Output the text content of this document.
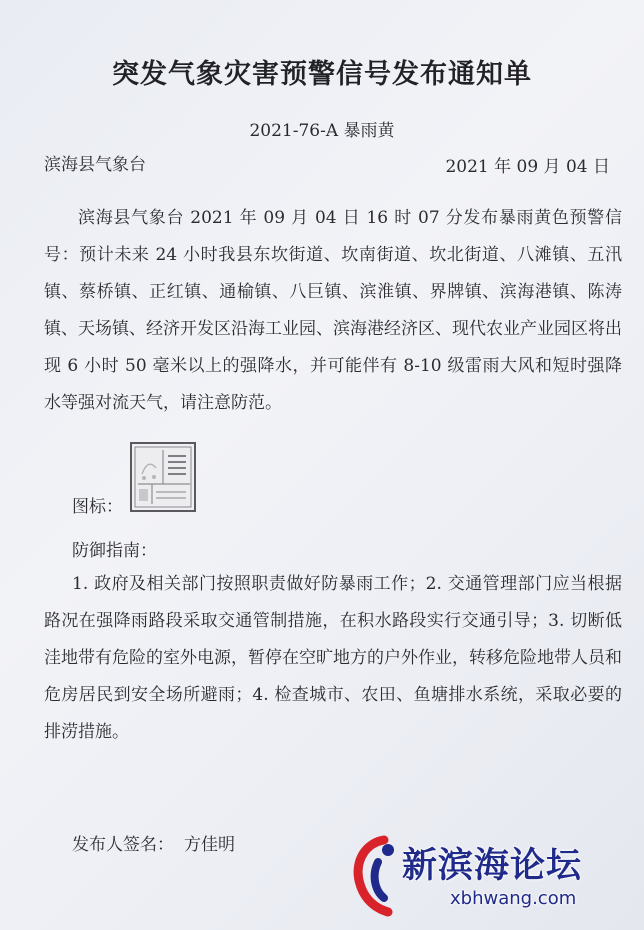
突发气象灾害预警信号发布通知单
2021-76-A 暴雨黄
滨海县气象台	2021 年 09 月 04 日
滨海县气象台 2021 年 09 月 04 日 16 时 07 分发布暴雨黄色预警信号：预计未来 24 小时我县东坎街道、坎南街道、坎北街道、八滩镇、五汛镇、蔡桥镇、正红镇、通榆镇、八巨镇、滨淮镇、界牌镇、滨海港镇、陈涛镇、天场镇、经济开发区沿海工业园、滨海港经济区、现代农业产业园区将出现 6 小时 50 毫米以上的强降水，并可能伴有 8-10 级雷雨大风和短时强降水等强对流天气，请注意防范。
图标：
防御指南：
1. 政府及相关部门按照职责做好防暴雨工作；2. 交通管理部门应当根据路况在强降雨路段采取交通管制措施，在积水路段实行交通引导；3. 切断低洼地带有危险的室外电源，暂停在空旷地方的户外作业，转移危险地带人员和危房居民到安全场所避雨；4. 检查城市、农田、鱼塘排水系统，采取必要的排涝措施。
发布人签名： 方佳明
新滨海论坛
xbhwang.com
